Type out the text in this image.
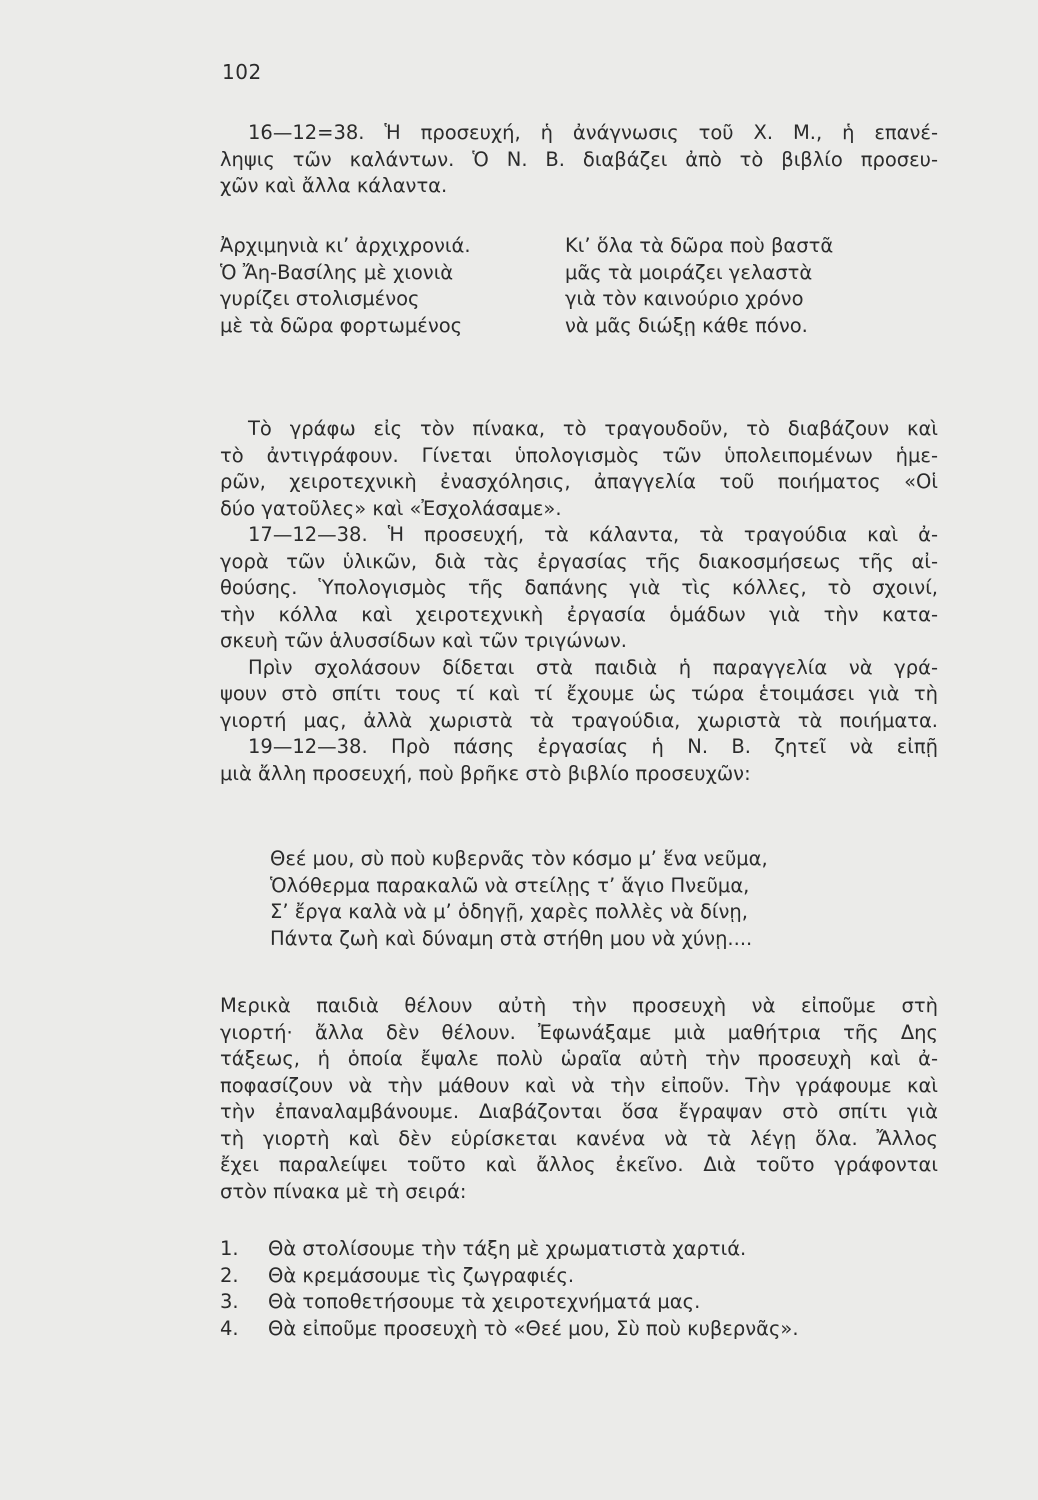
102
16—12=38. Ἡ προσευχή, ἡ ἀνάγνωσις τοῦ Χ. Μ., ἡ επανέ-
ληψις τῶν καλάντων. Ὁ Ν. Β. διαβάζει ἀπὸ τὸ βιβλίο προσευ-
χῶν καὶ ἄλλα κάλαντα.
Ἀρχιμηνιὰ κι’ ἀρχιχρονιά.
Ὁ Ἄη-Βασίλης μὲ χιονιὰ
γυρίζει στολισμένος
μὲ τὰ δῶρα φορτωμένος
Κι’ ὅλα τὰ δῶρα ποὺ βαστᾶ
μᾶς τὰ μοιράζει γελαστὰ
γιὰ τὸν καινούριο χρόνο
νὰ μᾶς διώξῃ κάθε πόνο.
Τὸ γράφω εἰς τὸν πίνακα, τὸ τραγουδοῦν, τὸ διαβάζουν καὶ
τὸ ἀντιγράφουν. Γίνεται ὑπολογισμὸς τῶν ὑπολειπομένων ἡμε-
ρῶν, χειροτεχνικὴ ἐνασχόλησις, ἀπαγγελία τοῦ ποιήματος «Οἱ
δύο γατοῦλες» καὶ «Ἐσχολάσαμε».
17—12—38. Ἡ προσευχή, τὰ κάλαντα, τὰ τραγούδια καὶ ἀ-
γορὰ τῶν ὑλικῶν, διὰ τὰς ἐργασίας τῆς διακοσμήσεως τῆς αἰ-
θούσης. Ὑπολογισμὸς τῆς δαπάνης γιὰ τὶς κόλλες, τὸ σχοινί,
τὴν κόλλα καὶ χειροτεχνικὴ ἐργασία ὁμάδων γιὰ τὴν κατα-
σκευὴ τῶν ἁλυσσίδων καὶ τῶν τριγώνων.
Πρὶν σχολάσουν δίδεται στὰ παιδιὰ ἡ παραγγελία νὰ γρά-
ψουν στὸ σπίτι τους τί καὶ τί ἔχουμε ὡς τώρα ἑτοιμάσει γιὰ τὴ
γιορτή μας, ἀλλὰ χωριστὰ τὰ τραγούδια, χωριστὰ τὰ ποιήματα.
19—12—38. Πρὸ πάσης ἐργασίας ἡ Ν. Β. ζητεῖ νὰ εἰπῇ
μιὰ ἄλλη προσευχή, ποὺ βρῆκε στὸ βιβλίο προσευχῶν:
Θεέ μου, σὺ ποὺ κυβερνᾶς τὸν κόσμο μ’ ἕνα νεῦμα,
Ὁλόθερμα παρακαλῶ νὰ στείλῃς τ’ ἅγιο Πνεῦμα,
Σ’ ἔργα καλὰ νὰ μ’ ὁδηγῇ, χαρὲς πολλὲς νὰ δίνῃ,
Πάντα ζωὴ καὶ δύναμη στὰ στήθη μου νὰ χύνῃ....
Μερικὰ παιδιὰ θέλουν αὐτὴ τὴν προσευχὴ νὰ εἰποῦμε στὴ
γιορτή· ἄλλα δὲν θέλουν. Ἐφωνάξαμε μιὰ μαθήτρια τῆς Δης
τάξεως, ἡ ὁποία ἔψαλε πολὺ ὡραῖα αὐτὴ τὴν προσευχὴ καὶ ἀ-
ποφασίζουν νὰ τὴν μάθουν καὶ νὰ τὴν εἰποῦν. Τὴν γράφουμε καὶ
τὴν ἐπαναλαμβάνουμε. Διαβάζονται ὅσα ἔγραψαν στὸ σπίτι γιὰ
τὴ γιορτὴ καὶ δὲν εὑρίσκεται κανένα νὰ τὰ λέγῃ ὅλα. Ἄλλος
ἔχει παραλείψει τοῦτο καὶ ἄλλος ἐκεῖνο. Διὰ τοῦτο γράφονται
στὸν πίνακα μὲ τὴ σειρά:
1.	Θὰ στολίσουμε τὴν τάξη μὲ χρωματιστὰ χαρτιά.
2.	Θὰ κρεμάσουμε τὶς ζωγραφιές.
3.	Θὰ τοποθετήσουμε τὰ χειροτεχνήματά μας.
4.	Θὰ εἰποῦμε προσευχὴ τὸ «Θεέ μου, Σὺ ποὺ κυβερνᾶς».
